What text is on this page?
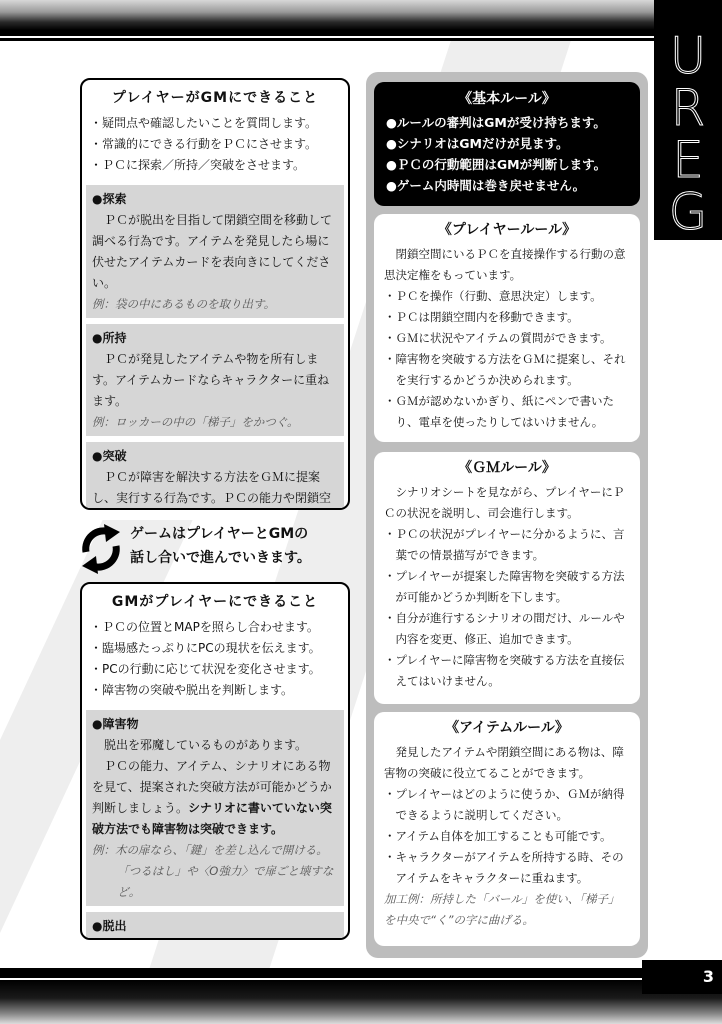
U
R
E
G
プレイヤーがGMにできること
・ 疑問点や確認したいことを質問します。
・ 常識的にできる行動をＰＣにさせます。
・ ＰＣに探索／所持／突破をさせます。
● 探索
ＰＣが脱出を目指して閉鎖空間を移動して調べる行為です。アイテムを発見したら場に伏せたアイテムカードを表向きにしてください。
例：袋の中にあるものを取り出す。
● 所持
ＰＣが発見したアイテムや物を所有します。アイテムカードならキャラクターに重ねます。
例：ロッカーの中の「梯子」をかつぐ。
● 突破
ＰＣが障害を解決する方法をＧＭに提案し、実行する行為です。ＰＣの能力や閉鎖空
ゲームはプレイヤーとGMの
話し合いで進んでいきます。
GMがプレイヤーにできること
・ ＰＣの位置とMAPを照らし合わせます。
・ 臨場感たっぷりにPCの現状を伝えます。
・ PCの行動に応じて状況を変化させます。
・ 障害物の突破や脱出を判断します。
● 障害物
脱出を邪魔しているものがあります。
ＰＣの能力、アイテム、シナリオにある物を見て、提案された突破方法が可能かどうか判断しましょう。シナリオに書いていない突破方法でも障害物は突破できます。
例：木の扉なら、「鍵」を差し込んで開ける。
「つるはし」や〈O強力〉で扉ごと壊すなど。
● 脱出
《基本ルール》
● ルールの審判はGMが受け持ちます。
● シナリオはGMだけが見ます。
● ＰＣの行動範囲はGMが判断します。
● ゲーム内時間は巻き戻せません。
《プレイヤールール》
閉鎖空間にいるＰＣを直接操作する行動の意思決定権をもっています。
・ ＰＣを操作（行動、意思決定）します。
・ ＰＣは閉鎖空間内を移動できます。
・ ＧＭに状況やアイテムの質問ができます。
・ 障害物を突破する方法をＧＭに提案し、それを実行するかどうか決められます。
・ ＧＭが認めないかぎり、紙にペンで書いたり、電卓を使ったりしてはいけません。
《ＧＭルール》
シナリオシートを見ながら、プレイヤーにＰＣの状況を説明し、司会進行します。
・ ＰＣの状況がプレイヤーに分かるように、言葉での情景描写ができます。
・ プレイヤーが提案した障害物を突破する方法が可能かどうか判断を下します。
・ 自分が進行するシナリオの間だけ、ルールや内容を変更、修正、追加できます。
・ プレイヤーに障害物を突破する方法を直接伝えてはいけません。
《アイテムルール》
発見したアイテムや閉鎖空間にある物は、障害物の突破に役立てることができます。
・ プレイヤーはどのように使うか、ＧＭが納得できるように説明してください。
・ アイテム自体を加工することも可能です。
・ キャラクターがアイテムを所持する時、そのアイテムをキャラクターに重ねます。
加工例：所持した「バール」を使い、「梯子」を中央で“く”の字に曲げる。
3
